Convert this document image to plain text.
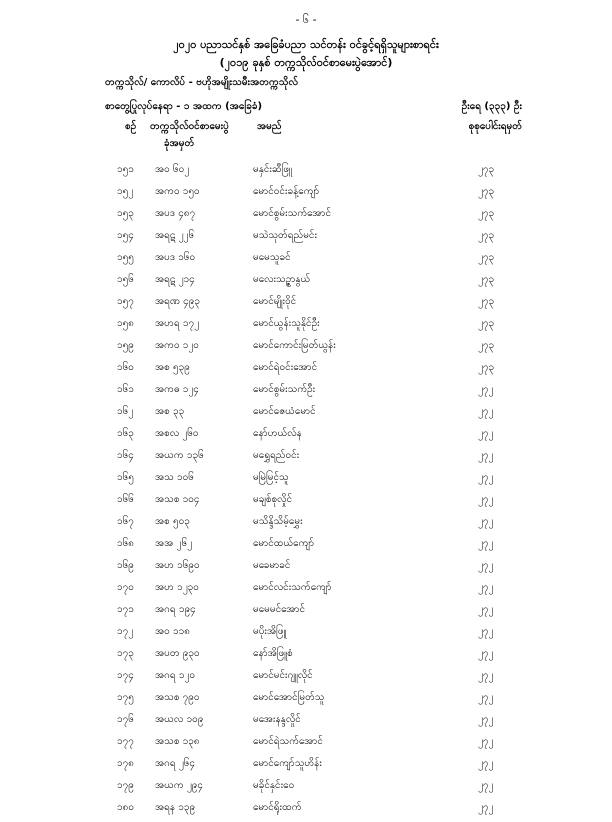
- ၆ -
၂၀၂၀ ပညာသင်နှစ် အခြေခံပညာ သင်တန်း ဝင်ခွင့်ရရှိသူများစာရင်း
(၂၀၁၉ ခုနှစ် တက္ကသိုလ်ဝင်စာမေးပွဲအောင်)
တက္ကသိုလ်/ ကောလိပ် - ဗဟိုအမျိုးသမီးအတက္ကသိုလ်
စာတွေ့ပြုလုပ်နေရာ - ၁ အထက (အခြေခံ)	ဦးရေ (၃၃၃) ဦး
စဉ် တက္ကသိုလ်ဝင်စာမေးပွဲ
ခုံအမှတ်
အမည်	စုစုပေါင်းရမှတ်
၁၅၁ အဝ ၆၀၂	မနှင်းဆီဖြူ	၂၇၃
၁၅၂ အကဝ ၁၅၀	မောင်ဝင်းခန့်ကျော်	၂၇၃
၁၅၃ အပဒ ၄၈၇	မောင်စွမ်းသက်အောင်	၂၇၃
၁၅၄ အရဋ ၂၂၆	မသဲသုတ်ရည်မင်း	၂၇၃
၁၅၅ အပဒ ၁၆၀	မမေသူခင်	၂၇၃
၁၅၆ အရဋ ၂၁၄	မလေးသဉ္ဇာနွယ်	၂၇၃
၁၅၇ အရဏ ၄၉၃	မောင်မျိုးဝိုင်	၂၇၃
၁၅၈ အဟရ ၁၇၂	မောင်ယွန်းသူနိုင်ဦး	၂၇၃
၁၅၉ အကဝ ၁၂၀	မောင်ကောင်းမြတ်ယွန်း	၂၇၃
၁၆၀ အစ ၅၃၉	မောင်ရဲဝင်းအောင်	၂၇၃
၁၆၁ အကဓ ၁၂၄	မောင်စွမ်းသက်ဦး	၂၇၂
၁၆၂ အစ ၃၃	မောင်ဇေယံမောင်	၂၇၂
၁၆၃ အစလ ၂၆၀	နော်ဟယ်လ်န	၂၇၂
၁၆၄ အယက ၁၃၆	မရွှေရည်ဝင်း	၂၇၂
၁၆၅ အသ ၁၀၆	မမြဲမြင့်သူ	၂၇၂
၁၆၆ အသစ ၁၀၄	မချစ်စုလှိုင်	၂၇၂
၁၆၇ အစ ၅၀၃	မသိန္ဒိသိမ့်မွှေး	၂၇၂
၁၆၈ အအ ၂၆၂	မောင်ထယ်ကျော်	၂၇၂
၁၆၉ အဟ ၁၆၉၀	မခေမာခင်	၂၇၂
၁၇၀ အဟ ၁၂၃၀	မောင်လင်းသက်ကျော်	၂၇၂
၁၇၁ အဂရ ၁၉၄	မမေမင်အောင်	၂၇၂
၁၇၂ အဝ ၁၁၈	မပိုးအိဖြူ	၂၇၂
၁၇၃ အပတ ၉၃၀	နော်အိဖြူစံ	၂၇၂
၁၇၄ အဂရ ၁၂၀	မောင်မင်းဂျူလိုင်	၂၇၂
၁၇၅ အသစ ၇၉၀	မောင်အောင်မြတ်သူ	၂၇၂
၁၇၆ အယလ ၁၀၉	မအေးနန္ဒလှိုင်	၂၇၂
၁၇၇ အသစ ၁၃၈	မောင်ရဲသက်အောင်	၂၇၂
၁၇၈ အဂရ ၂၆၄	မောင်ကျော်သူဟိန်း	၂၇၂
၁၇၉ အယက ၂၉၄	မခိုင်နှင်းဝေ	၂၇၂
၁၈၀ အရန ၁၃၉	မောင်ရိုးထက်	၂၇၂
